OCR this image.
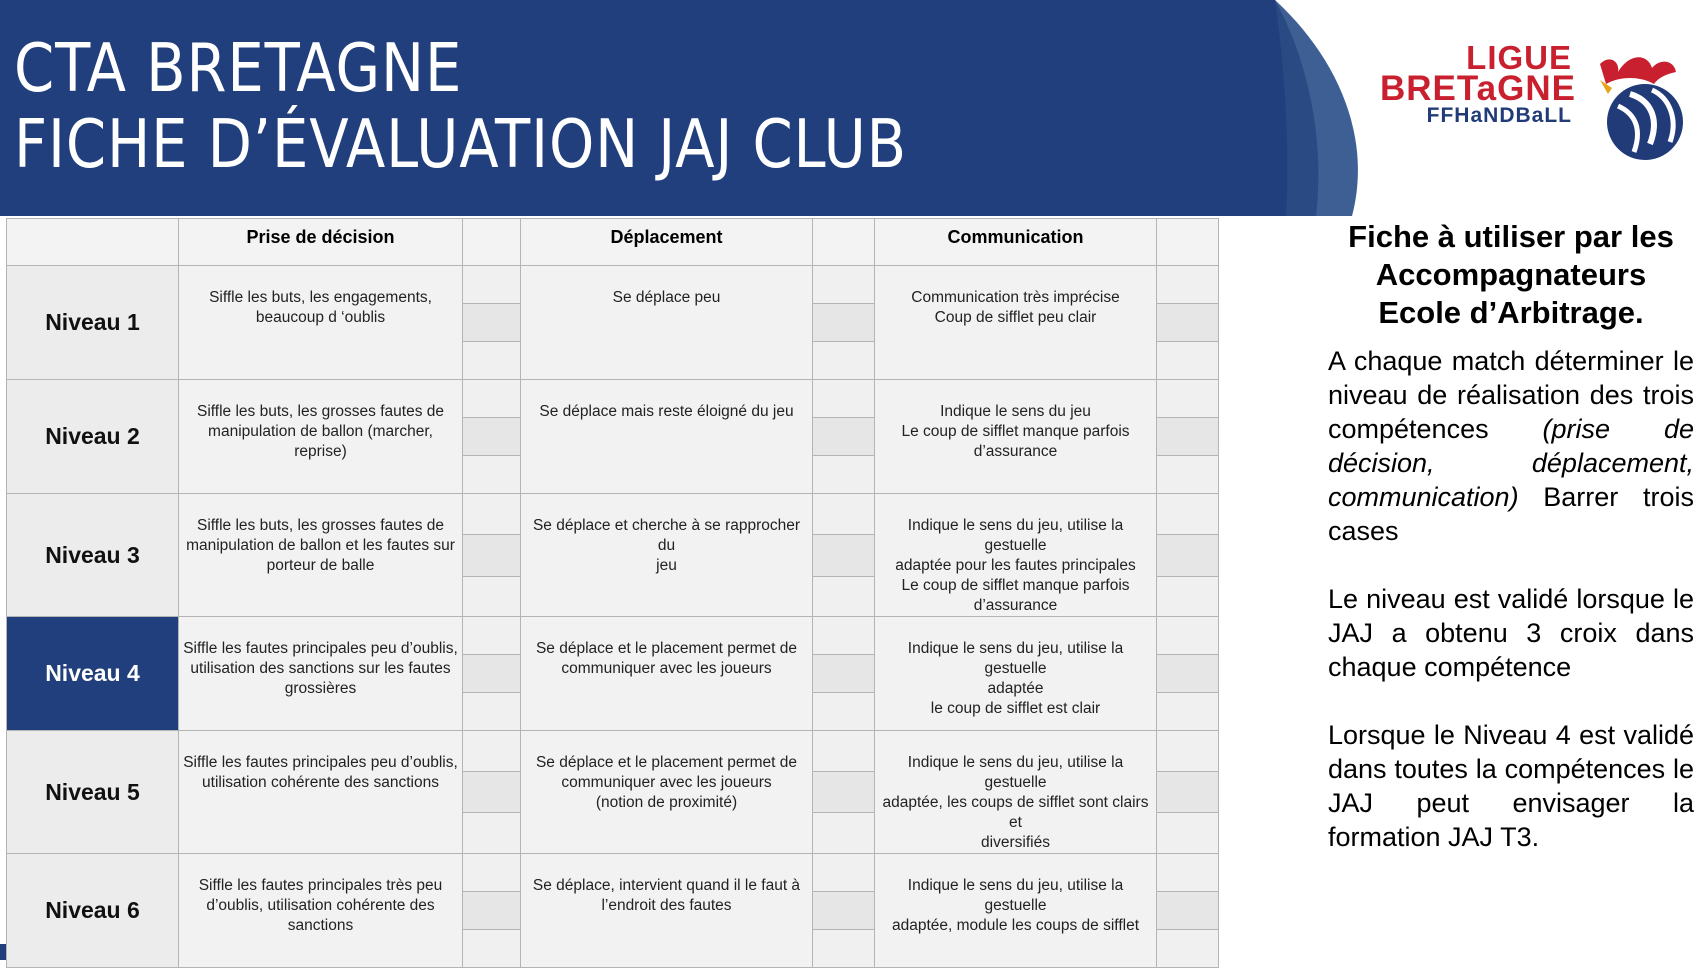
CTA BRETAGNE
FICHE D’ÉVALUATION JAJ CLUB
LIGUE
BRETaGNE
FFHaNDBaLL
	Prise de décision		Déplacement		Communication	
Niveau 1	Siffle les buts, les engagements,
beaucoup d ‘oublis		Se déplace peu		Communication très imprécise
Coup de sifflet peu clair	

Niveau 2	Siffle les buts, les grosses fautes de
manipulation de ballon (marcher, reprise)		Se déplace mais reste éloigné du jeu		Indique le sens du jeu
Le coup de sifflet manque parfois
d’assurance	

Niveau 3	Siffle les buts, les grosses fautes de
manipulation de ballon et les fautes sur
porteur de balle		Se déplace et cherche à se rapprocher du
jeu		Indique le sens du jeu, utilise la gestuelle
adaptée pour les fautes principales
Le coup de sifflet manque parfois
d’assurance	

Niveau 4	Siffle les fautes principales peu d’oublis,
utilisation des sanctions sur les fautes
grossières		Se déplace et le placement permet de
communiquer avec les joueurs		Indique le sens du jeu, utilise la gestuelle
adaptée
le coup de sifflet est clair	

Niveau 5	Siffle les fautes principales peu d’oublis,
utilisation cohérente des sanctions		Se déplace et le placement permet de
communiquer avec les joueurs
(notion de proximité)		Indique le sens du jeu, utilise la gestuelle
adaptée, les coups de sifflet sont clairs et
diversifiés	

Niveau 6	Siffle les fautes principales très peu
d’oublis, utilisation cohérente des
sanctions		Se déplace, intervient quand il le faut à
l’endroit des fautes		Indique le sens du jeu, utilise la gestuelle
adaptée, module les coups de sifflet	

Fiche à utiliser par les
Accompagnateurs
Ecole d’Arbitrage.

A chaque match déterminer le niveau de réalisation des trois compétences (prise de décision, déplacement, communication) Barrer trois cases

Le niveau est validé lorsque le JAJ a obtenu 3 croix dans chaque compétence

Lorsque le Niveau 4 est validé dans toutes la compétences le JAJ peut envisager la formation JAJ T3.
